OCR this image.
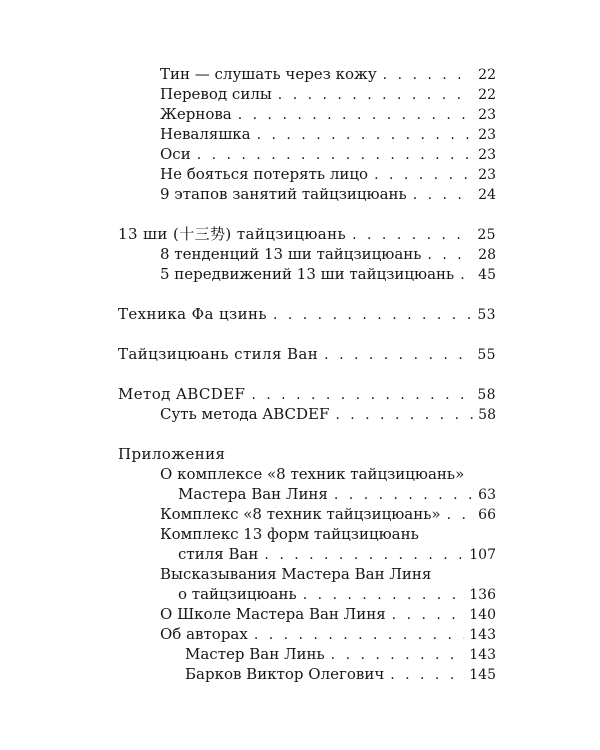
Тин — слушать через кожу . . .	22
Перевод силы . . .	22
Жернова . . .	23
Неваляшка . . .	23
Оси . . .	23
Не бояться потерять лицо . . .	23
9 этапов занятий тайцзицюань . . .	24
13 ши (十三势) тайцзицюань . . .	25
8 тенденций 13 ши тайцзицюань . . .	28
5 передвижений 13 ши тайцзицюань . . . 45
Техника Фа цзинь . . .	53
Тайцзицюань стиля Ван . . .	55
Метод ABCDEF . . .	58
Суть метода ABCDEF . . .	58
Приложения
О комплексе «8 техник тайцзицюань»
Мастера Ван Линя . . .	63
Комплекс «8 техник тайцзицюань» . . .	66
Комплекс 13 форм тайцзицюань
стиля Ван . . .	107
Высказывания Мастера Ван Линя
о тайцзицюань . . .	136
О Школе Мастера Ван Линя . . .	140
Об авторах . . .	143
Мастер Ван Линь . . .	143
Барков Виктор Олегович . . .	145
